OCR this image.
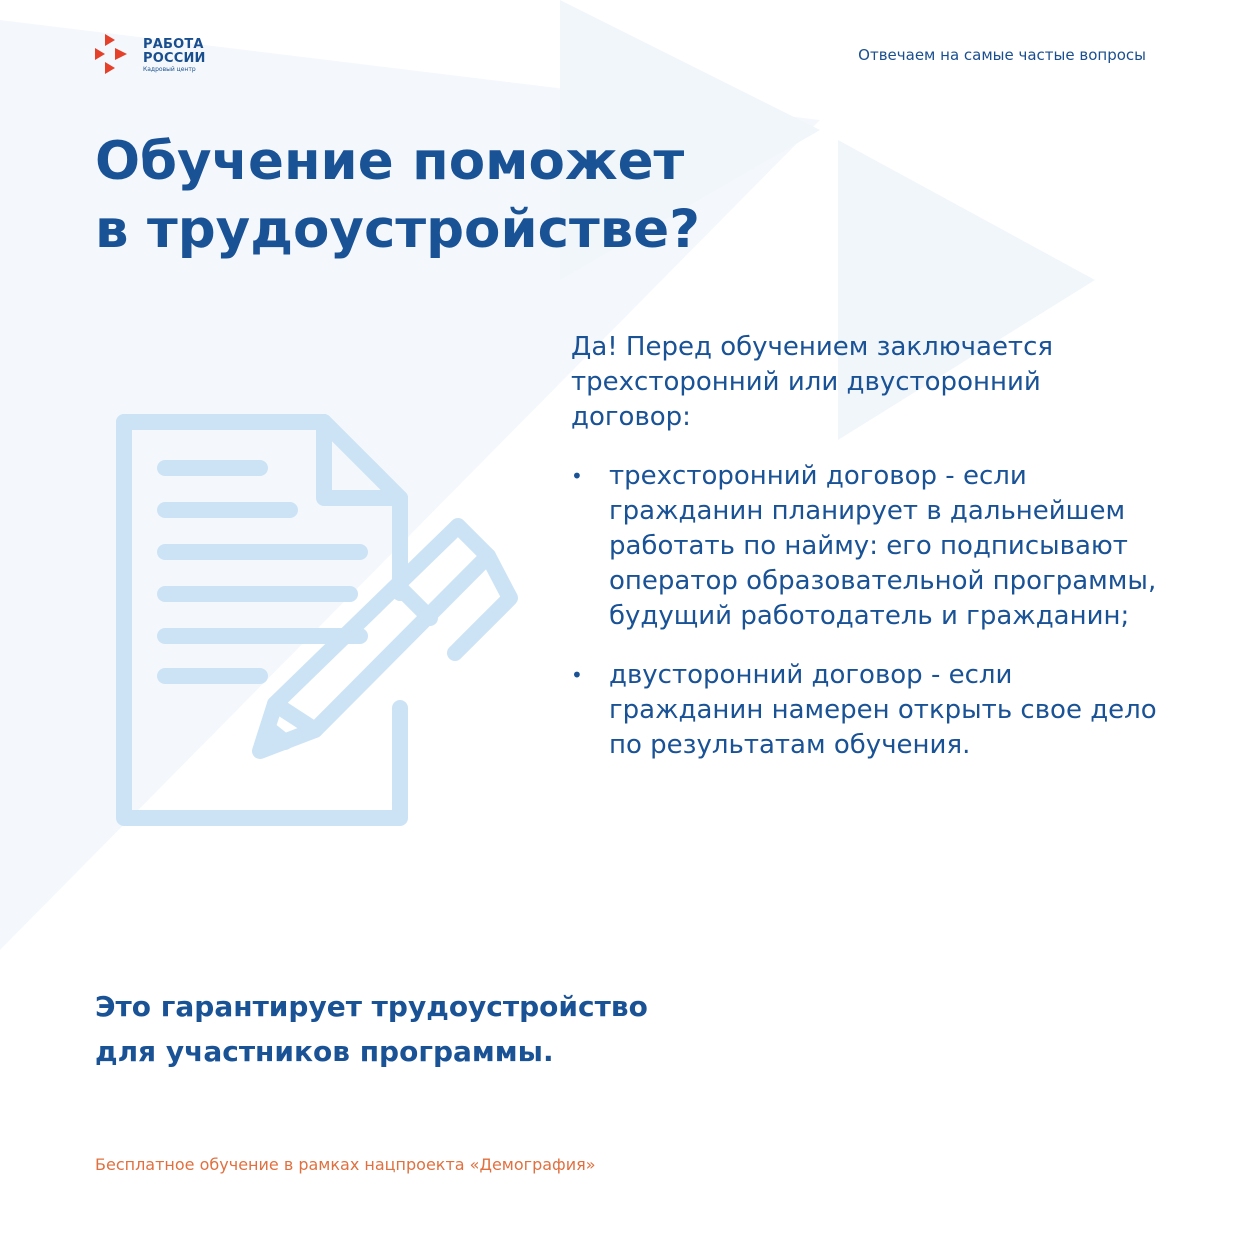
РАБОТА
РОССИИ
Кадровый центр
Отвечаем на самые частые вопросы
Обучение поможет
в трудоустройстве?

Да! Перед обучением заключается трехсторонний или двусторонний договор:

• трехсторонний договор - если гражданин планирует в дальнейшем работать по найму: его подписывают оператор образовательной программы, будущий работодатель и гражданин;
• двусторонний договор - если гражданин намерен открыть свое дело по результатам обучения.

Это гарантирует трудоустройство
для участников программы.

Бесплатное обучение в рамках нацпроекта «Демография»
